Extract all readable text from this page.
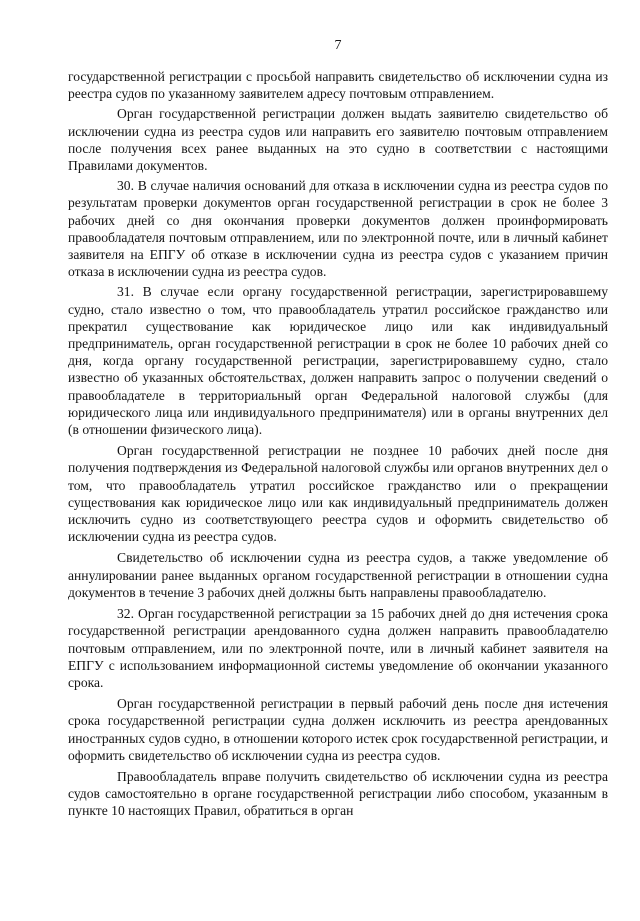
7

государственной регистрации с просьбой направить свидетельство об исключении судна из реестра судов по указанному заявителем адресу почтовым отправлением.

Орган государственной регистрации должен выдать заявителю свидетельство об исключении судна из реестра судов или направить его заявителю почтовым отправлением после получения всех ранее выданных на это судно в соответствии с настоящими Правилами документов.

30. В случае наличия оснований для отказа в исключении судна из реестра судов по результатам проверки документов орган государственной регистрации в срок не более 3 рабочих дней со дня окончания проверки документов должен проинформировать правообладателя почтовым отправлением, или по электронной почте, или в личный кабинет заявителя на ЕПГУ об отказе в исключении судна из реестра судов с указанием причин отказа в исключении судна из реестра судов.

31. В случае если органу государственной регистрации, зарегистрировавшему судно, стало известно о том, что правообладатель утратил российское гражданство или прекратил существование как юридическое лицо или как индивидуальный предприниматель, орган государственной регистрации в срок не более 10 рабочих дней со дня, когда органу государственной регистрации, зарегистрировавшему судно, стало известно об указанных обстоятельствах, должен направить запрос о получении сведений о правообладателе в территориальный орган Федеральной налоговой службы (для юридического лица или индивидуального предпринимателя) или в органы внутренних дел (в отношении физического лица).

Орган государственной регистрации не позднее 10 рабочих дней после дня получения подтверждения из Федеральной налоговой службы или органов внутренних дел о том, что правообладатель утратил российское гражданство или о прекращении существования как юридическое лицо или как индивидуальный предприниматель должен исключить судно из соответствующего реестра судов и оформить свидетельство об исключении судна из реестра судов.

Свидетельство об исключении судна из реестра судов, а также уведомление об аннулировании ранее выданных органом государственной регистрации в отношении судна документов в течение 3 рабочих дней должны быть направлены правообладателю.

32. Орган государственной регистрации за 15 рабочих дней до дня истечения срока государственной регистрации арендованного судна должен направить правообладателю почтовым отправлением, или по электронной почте, или в личный кабинет заявителя на ЕПГУ с использованием информационной системы уведомление об окончании указанного срока.

Орган государственной регистрации в первый рабочий день после дня истечения срока государственной регистрации судна должен исключить из реестра арендованных иностранных судов судно, в отношении которого истек срок государственной регистрации, и оформить свидетельство об исключении судна из реестра судов.

Правообладатель вправе получить свидетельство об исключении судна из реестра судов самостоятельно в органе государственной регистрации либо способом, указанным в пункте 10 настоящих Правил, обратиться в орган
